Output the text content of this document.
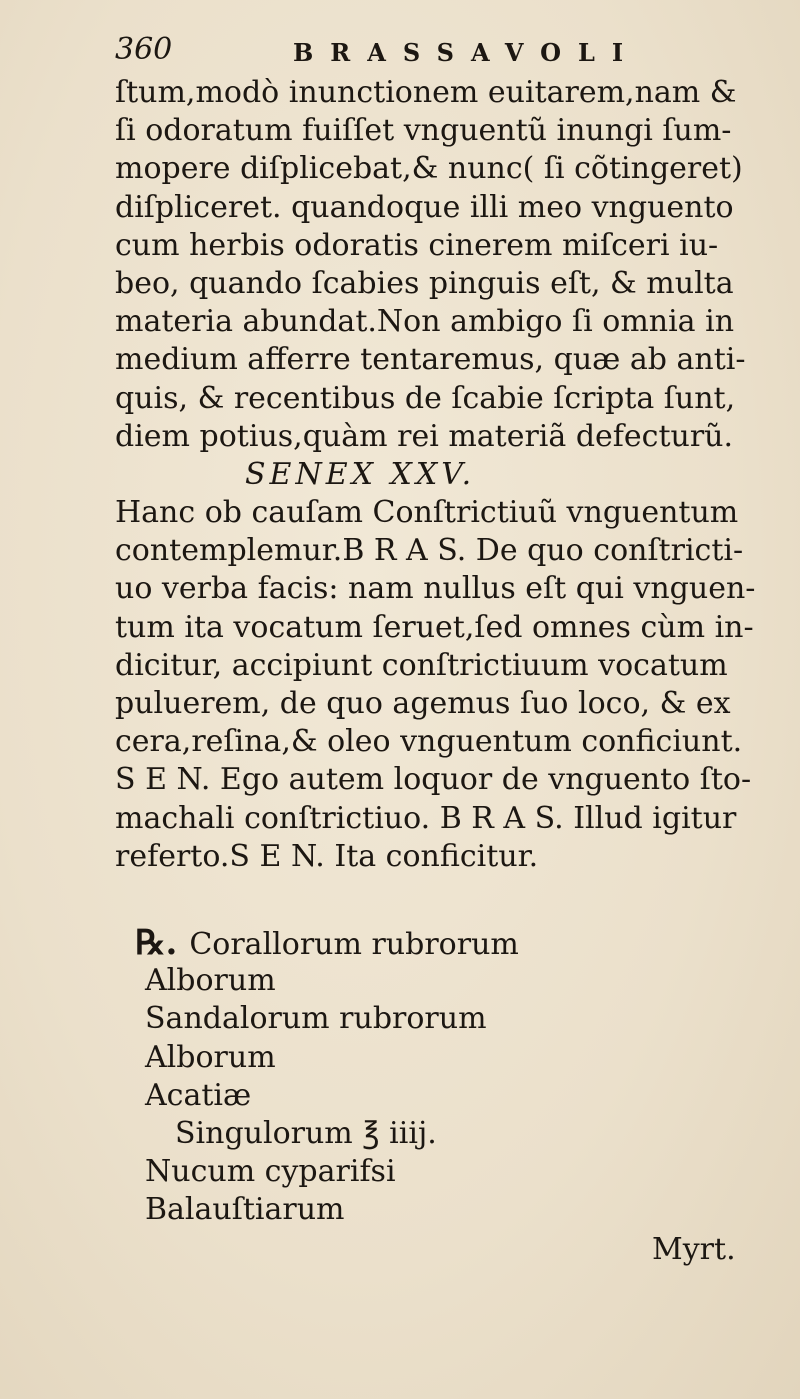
360	BRASSAVOLI
ſtum,modò inunctionem euitarem,nam &
ſi odoratum fuiſſet vnguentũ inungi ſum-
mopere diſplicebat,& nunc( ſi cõtingeret)
diſpliceret. quandoque illi meo vnguento
cum herbis odoratis cinerem miſceri iu-
beo, quando ſcabies pinguis eſt, & multa
materia abundat.Non ambigo ſi omnia in
medium afferre tentaremus, quæ ab anti-
quis, & recentibus de ſcabie ſcripta ſunt,
diem potius,quàm rei materiã defecturũ.
SENEX XXV.
Hanc ob cauſam Conſtrictiuũ vnguentum
contemplemur.B R A S. De quo conſtricti-
uo verba facis: nam nullus eſt qui vnguen-
tum ita vocatum ſeruet,ſed omnes cùm in-
dicitur, accipiunt conſtrictiuum vocatum
puluerem, de quo agemus ſuo loco, & ex
cera,reſina,& oleo vnguentum conficiunt.
S E N. Ego autem loquor de vnguento ſto-
machali conſtrictiuo. B R A S. Illud igitur
referto.S E N. Ita conficitur.
℞. Corallorum rubrorum
Alborum
Sandalorum rubrorum
Alborum
Acatiæ
Singulorum ℥ iiij.
Nucum cyparifsi
Balauſtiarum
Myrt.
